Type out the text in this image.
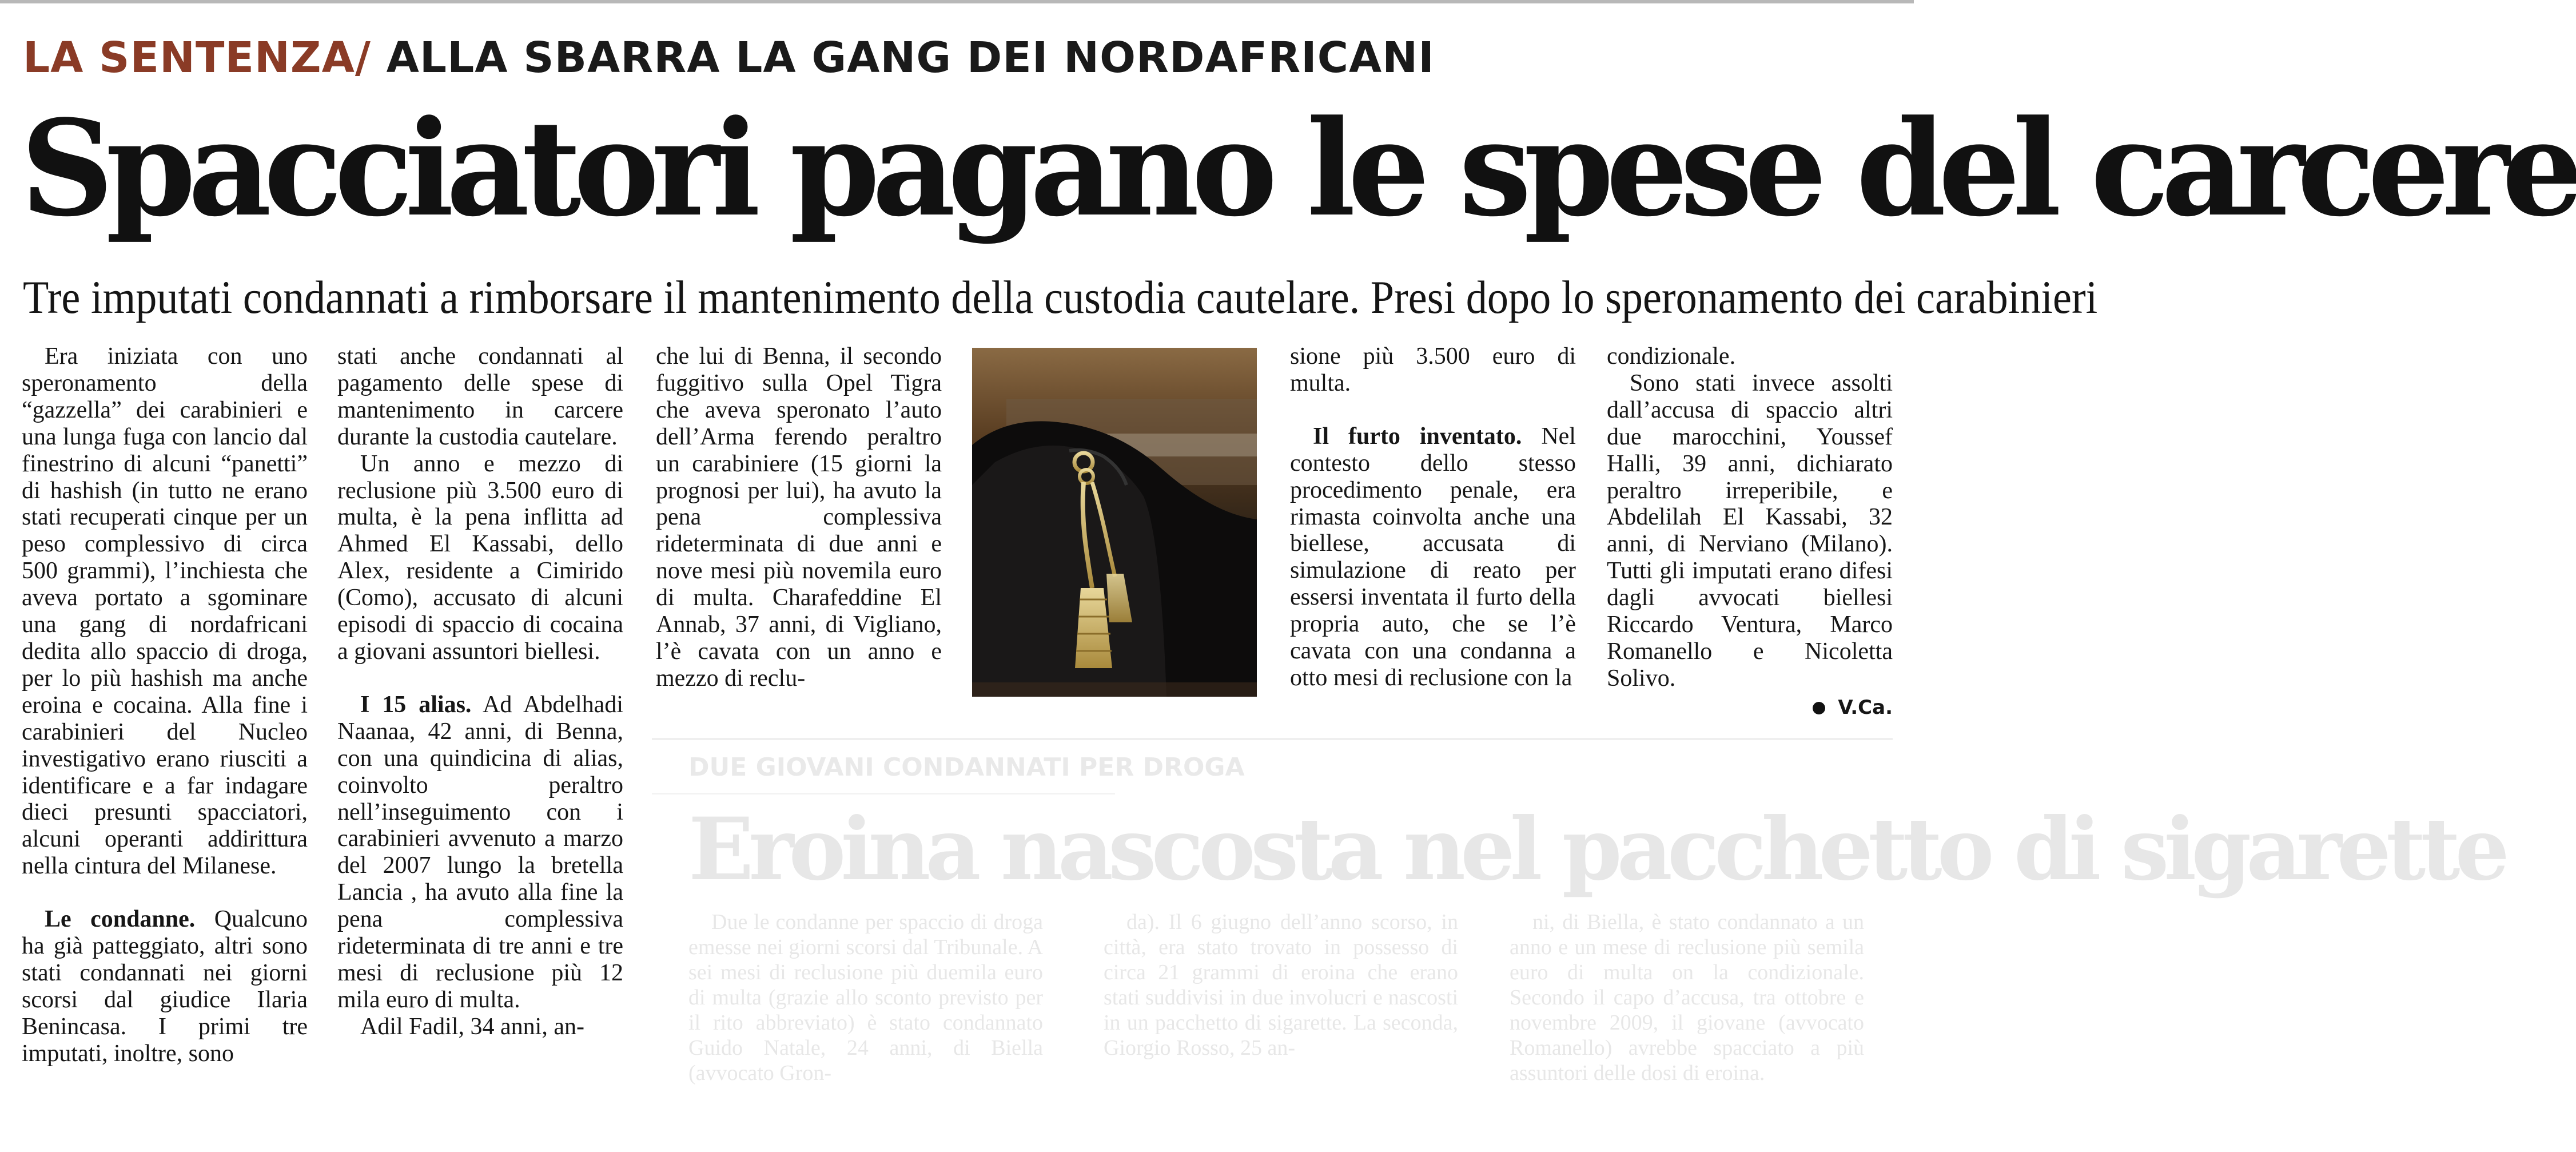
LA SENTENZA/ ALLA SBARRA LA GANG DEI NORDAFRICANI
Spacciatori pagano le spese del carcere
Tre imputati condannati a rimborsare il mantenimento della custodia cautelare. Presi dopo lo speronamento dei carabinieri

Era iniziata con uno speronamento della “gazzella” dei carabinieri e una lunga fuga con lancio dal finestrino di alcuni “panetti” di hashish (in tutto ne erano stati recuperati cinque per un peso complessivo di circa 500 grammi), l’inchiesta che aveva portato a sgominare una gang di nordafricani dedita allo spaccio di droga, per lo più hashish ma anche eroina e cocaina. Alla fine i carabinieri del Nucleo investigativo erano riusciti a identificare e a far indagare dieci presunti spacciatori, alcuni operanti addirittura nella cintura del Milanese.

Le condanne. Qualcuno ha già patteggiato, altri sono stati condannati nei giorni scorsi dal giudice Ilaria Benincasa. I primi tre imputati, inoltre, sono

stati anche condannati al pagamento delle spese di mantenimento in carcere durante la custodia cautelare.

Un anno e mezzo di reclusione più 3.500 euro di multa, è la pena inflitta ad Ahmed El Kassabi, dello Alex, residente a Cimirido (Como), accusato di alcuni episodi di spaccio di cocaina a giovani assuntori biellesi.

I 15 alias. Ad Abdelhadi Naanaa, 42 anni, di Benna, con una quindicina di alias, coinvolto peraltro nell’inseguimento con i carabinieri avvenuto a marzo del 2007 lungo la bretella Lancia , ha avuto alla fine la pena complessiva rideterminata di tre anni e tre mesi di reclusione più 12 mila euro di multa.

Adil Fadil, 34 anni, an-

che lui di Benna, il secondo fuggitivo sulla Opel Tigra che aveva speronato l’auto dell’Arma ferendo peraltro un carabiniere (15 giorni la prognosi per lui), ha avuto la pena complessiva rideterminata di due anni e nove mesi più novemila euro di multa. Charafeddine El Annab, 37 anni, di Vigliano, l’è cavata con un anno e mezzo di reclu-

sione più 3.500 euro di multa.

Il furto inventato. Nel contesto dello stesso procedimento penale, era rimasta coinvolta anche una biellese, accusata di simulazione di reato per essersi inventata il furto della propria auto, che se l’è cavata con una condanna a otto mesi di reclusione con la

condizionale.

Sono stati invece assolti dall’accusa di spaccio altri due marocchini, Youssef Halli, 39 anni, dichiarato peraltro irreperibile, e Abdelilah El Kassabi, 32 anni, di Nerviano (Milano). Tutti gli imputati erano difesi dagli avvocati biellesi Riccardo Ventura, Marco Romanello e Nicoletta Solivo.

V.Ca.
DUE GIOVANI CONDANNATI PER DROGA
Eroina nascosta nel pacchetto di sigarette

Due le condanne per spaccio di droga emesse nei giorni scorsi dal Tribunale. A sei mesi di reclusione più duemila euro di multa (grazie allo sconto previsto per il rito abbreviato) è stato condannato Guido Natale, 24 anni, di Biella (avvocato Gron-

da). Il 6 giugno dell’anno scorso, in città, era stato trovato in possesso di circa 21 grammi di eroina che erano stati suddivisi in due involucri e nascosti in un pacchetto di sigarette. La seconda, Giorgio Rosso, 25 an-

ni, di Biella, è stato condannato a un anno e un mese di reclusione più semila euro di multa on la condizionale. Secondo il capo d’accusa, tra ottobre e novembre 2009, il giovane (avvocato Romanello) avrebbe spacciato a più assuntori delle dosi di eroina.
